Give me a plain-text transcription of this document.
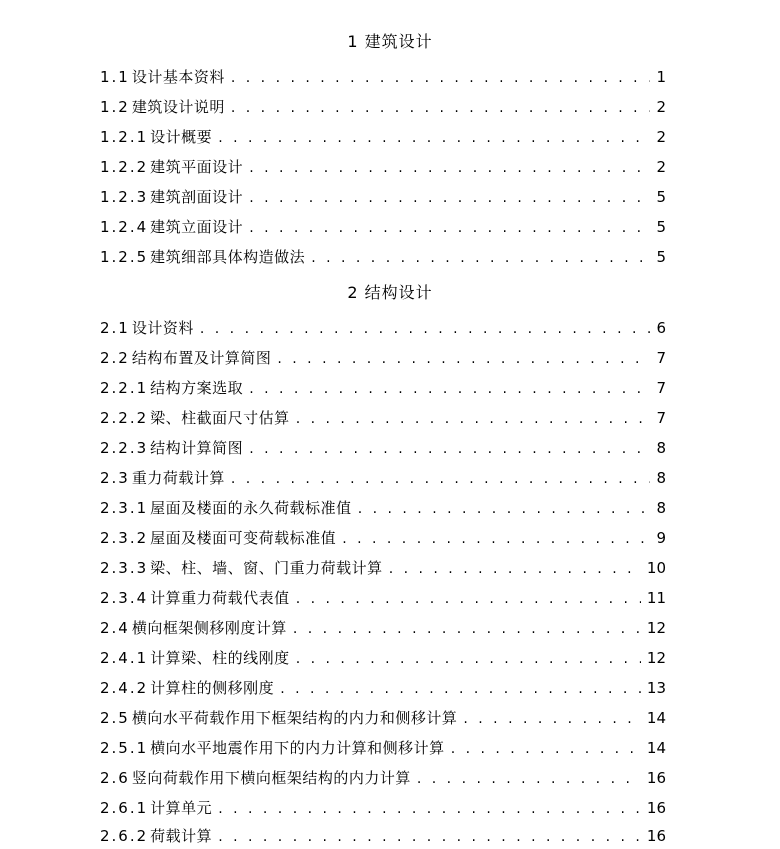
1 建筑设计
1.1 设计基本资料 . . .	1
1.2 建筑设计说明 . . .	2
1.2.1 设计概要 . . .	2
1.2.2 建筑平面设计 . . .	2
1.2.3 建筑剖面设计 . . .	5
1.2.4 建筑立面设计 . . .	5
1.2.5 建筑细部具体构造做法 . . .	5
2 结构设计
2.1 设计资料 . . .	6
2.2 结构布置及计算简图 . . .	7
2.2.1 结构方案选取 . . .	7
2.2.2 梁、柱截面尺寸估算 . . .	7
2.2.3 结构计算简图 . . .	8
2.3 重力荷载计算 . . .	8
2.3.1 屋面及楼面的永久荷载标准值 . . .	8
2.3.2 屋面及楼面可变荷载标准值 . . .	9
2.3.3 梁、柱、墙、窗、门重力荷载计算 . . .	10
2.3.4 计算重力荷载代表值 . . .	11
2.4 横向框架侧移刚度计算 . . .	12
2.4.1 计算梁、柱的线刚度 . . .	12
2.4.2 计算柱的侧移刚度 . . .	13
2.5 横向水平荷载作用下框架结构的内力和侧移计算 . . .	14
2.5.1 横向水平地震作用下的内力计算和侧移计算 . . .	14
2.6 竖向荷载作用下横向框架结构的内力计算 . . .	16
2.6.1 计算单元 . . .	16
2.6.2 荷载计算 . . .	16
